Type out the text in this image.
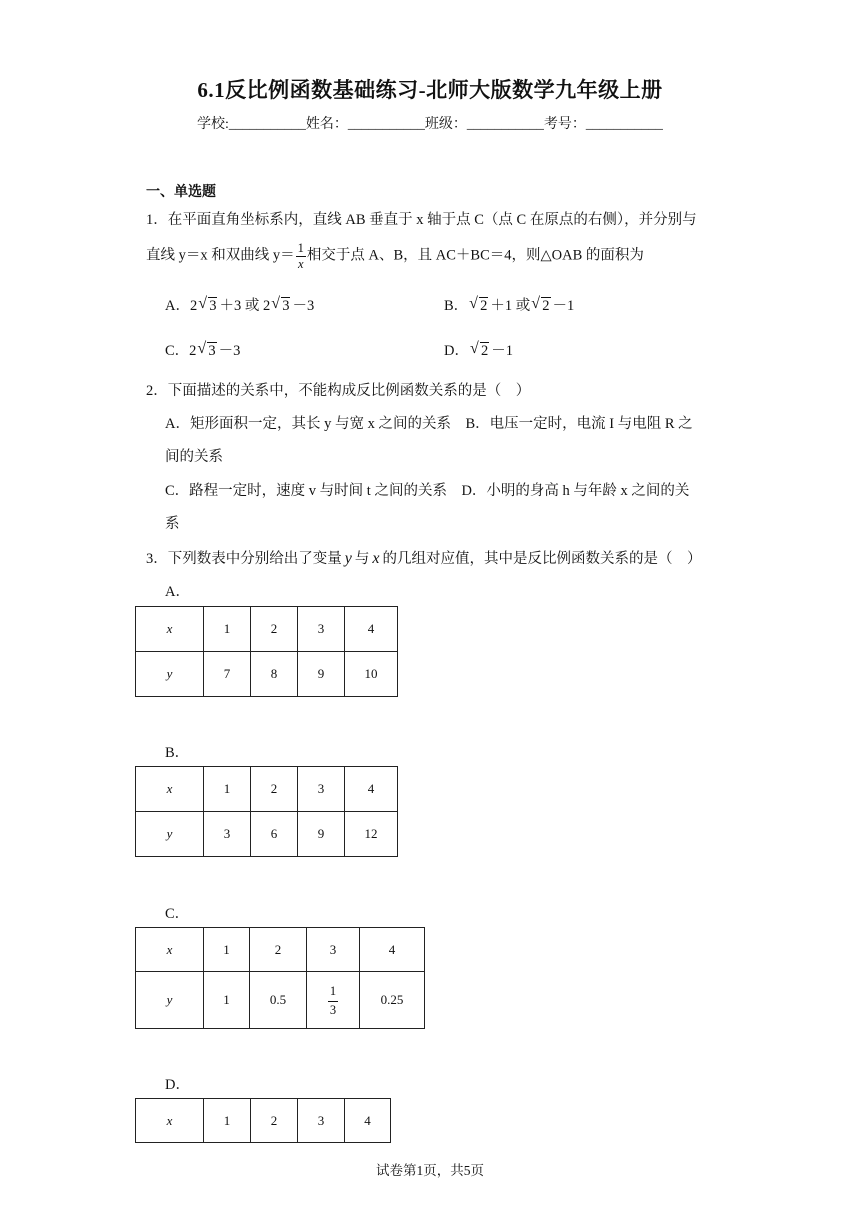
6.1反比例函数基础练习-北师大版数学九年级上册
学校:___________姓名：___________班级：___________考号：___________
一、单选题
1．在平面直角坐标系内，直线 AB 垂直于 x 轴于点 C（点 C 在原点的右侧），并分别与
直线 y＝x 和双曲线 $y= \frac{1}{x}$ 相交于点 A、B，且 AC＋BC＝4，则△OAB 的面积为
A．2 √ 3 ＋3 或 2 √ 3 －3	B． √ 2 ＋1 或 √ 2 －1
C．2 √ 3 －3	D． √ 2 －1
2．下面描述的关系中，不能构成反比例函数关系的是（　）
A．矩形面积一定，其长 y 与宽 x 之间的关系　B．电压一定时，电流 I 与电阻 R 之
间的关系
C．路程一定时，速度 v 与时间 t 之间的关系　D．小明的身高 h 与年龄 x 之间的关
系
3．下列数表中分别给出了变量 y 与 x 的几组对应值，其中是反比例函数关系的是（　）
A．
x	1	2	3	4
y	7	8	9	10
B．
x	1	2	3	4
y	3	6	9	12
C．
x	1	2	3	4
y	1	0.5	$\frac{1}{3}$	0.25
D．
x	1	2	3	4
试卷第1页，共5页
